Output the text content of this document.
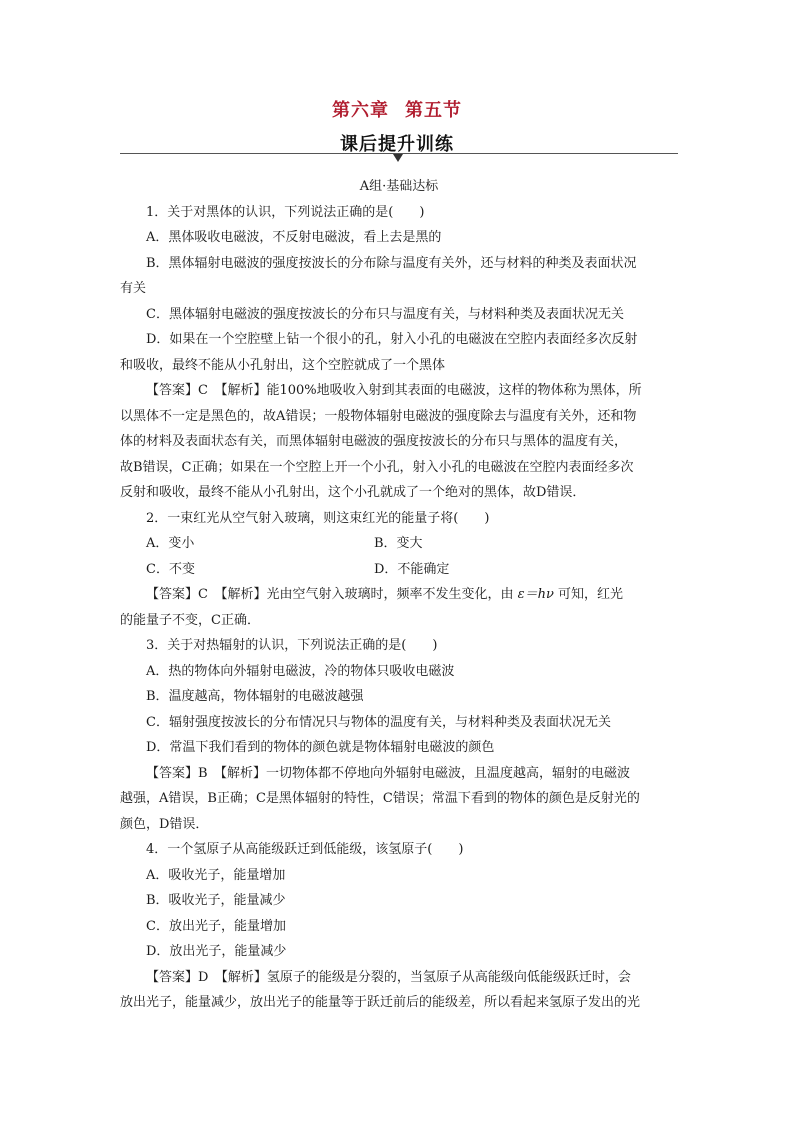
第六章 第五节
课后提升训练

A组·基础达标

1．关于对黑体的认识，下列说法正确的是(　　)

A．黑体吸收电磁波，不反射电磁波，看上去是黑的

B．黑体辐射电磁波的强度按波长的分布除与温度有关外，还与材料的种类及表面状况

有关

C．黑体辐射电磁波的强度按波长的分布只与温度有关，与材料种类及表面状况无关

D．如果在一个空腔壁上钻一个很小的孔，射入小孔的电磁波在空腔内表面经多次反射

和吸收，最终不能从小孔射出，这个空腔就成了一个黑体

【答案】C　【解析】能100%地吸收入射到其表面的电磁波，这样的物体称为黑体，所

以黑体不一定是黑色的，故A错误；一般物体辐射电磁波的强度除去与温度有关外，还和物

体的材料及表面状态有关，而黑体辐射电磁波的强度按波长的分布只与黑体的温度有关，

故B错误，C正确；如果在一个空腔上开一个小孔，射入小孔的电磁波在空腔内表面经多次

反射和吸收，最终不能从小孔射出，这个小孔就成了一个绝对的黑体，故D错误．

2．一束红光从空气射入玻璃，则这束红光的能量子将(　　)

A．变小	B．变大
C．不变	D．不能确定

【答案】C　【解析】光由空气射入玻璃时，频率不发生变化，由 ε＝hν 可知，红光

的能量子不变，C正确．

3．关于对热辐射的认识，下列说法正确的是(　　)

A．热的物体向外辐射电磁波，冷的物体只吸收电磁波

B．温度越高，物体辐射的电磁波越强

C．辐射强度按波长的分布情况只与物体的温度有关，与材料种类及表面状况无关

D．常温下我们看到的物体的颜色就是物体辐射电磁波的颜色

【答案】B　【解析】一切物体都不停地向外辐射电磁波，且温度越高，辐射的电磁波

越强，A错误，B正确；C是黑体辐射的特性，C错误；常温下看到的物体的颜色是反射光的

颜色，D错误．

4．一个氢原子从高能级跃迁到低能级，该氢原子(　　)

A．吸收光子，能量增加

B．吸收光子，能量减少

C．放出光子，能量增加

D．放出光子，能量减少

【答案】D　【解析】氢原子的能级是分裂的，当氢原子从高能级向低能级跃迁时，会

放出光子，能量减少，放出光子的能量等于跃迁前后的能级差，所以看起来氢原子发出的光
